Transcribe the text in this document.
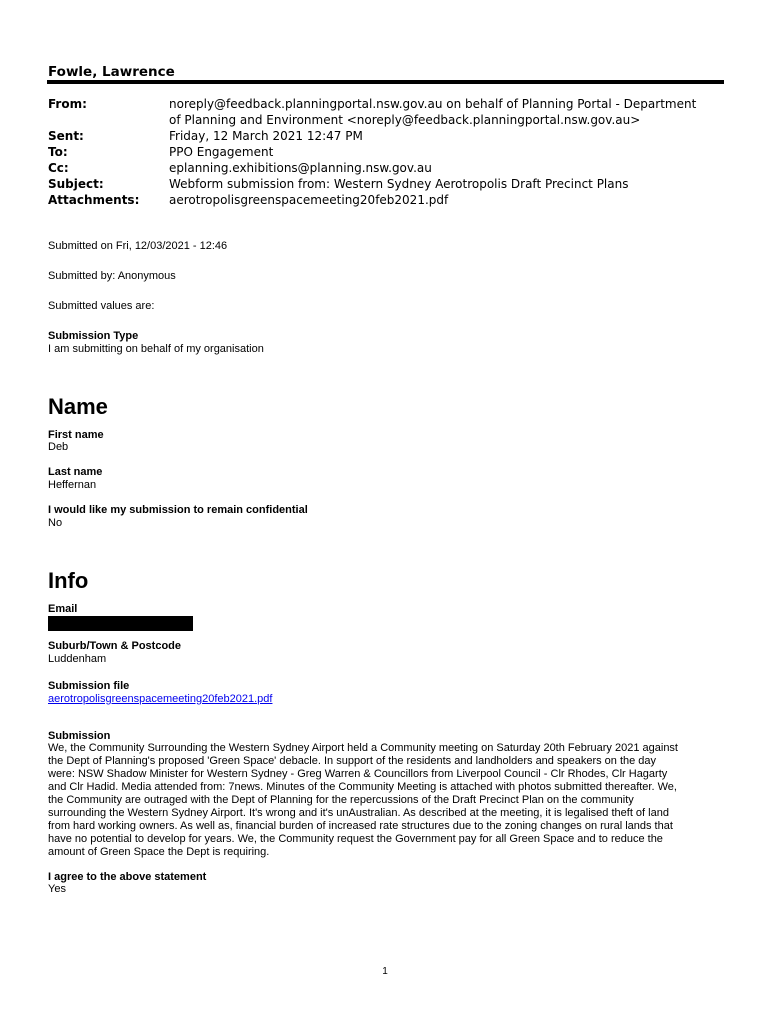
Fowle, Lawrence
From:	noreply@feedback.planningportal.nsw.gov.au on behalf of Planning Portal - Department of Planning and Environment <noreply@feedback.planningportal.nsw.gov.au>
Sent:	Friday, 12 March 2021 12:47 PM
To:	PPO Engagement
Cc:	eplanning.exhibitions@planning.nsw.gov.au
Subject:	Webform submission from: Western Sydney Aerotropolis Draft Precinct Plans
Attachments:	aerotropolisgreenspacemeeting20feb2021.pdf

Submitted on Fri, 12/03/2021 - 12:46

Submitted by: Anonymous

Submitted values are:

Submission Type

I am submitting on behalf of my organisation

Name

First name

Deb

Last name

Heffernan

I would like my submission to remain confidential

No

Info

Email

Suburb/Town & Postcode

Luddenham

Submission file

aerotropolisgreenspacemeeting20feb2021.pdf

Submission

We, the Community Surrounding the Western Sydney Airport held a Community meeting on Saturday 20th February 2021 against
the Dept of Planning's proposed 'Green Space' debacle. In support of the residents and landholders and speakers on the day
were: NSW Shadow Minister for Western Sydney - Greg Warren & Councillors from Liverpool Council - Clr Rhodes, Clr Hagarty
and Clr Hadid. Media attended from: 7news. Minutes of the Community Meeting is attached with photos submitted thereafter. We,
the Community are outraged with the Dept of Planning for the repercussions of the Draft Precinct Plan on the community
surrounding the Western Sydney Airport. It's wrong and it's unAustralian. As described at the meeting, it is legalised theft of land
from hard working owners. As well as, financial burden of increased rate structures due to the zoning changes on rural lands that
have no potential to develop for years. We, the Community request the Government pay for all Green Space and to reduce the
amount of Green Space the Dept is requiring.

I agree to the above statement

Yes

1
